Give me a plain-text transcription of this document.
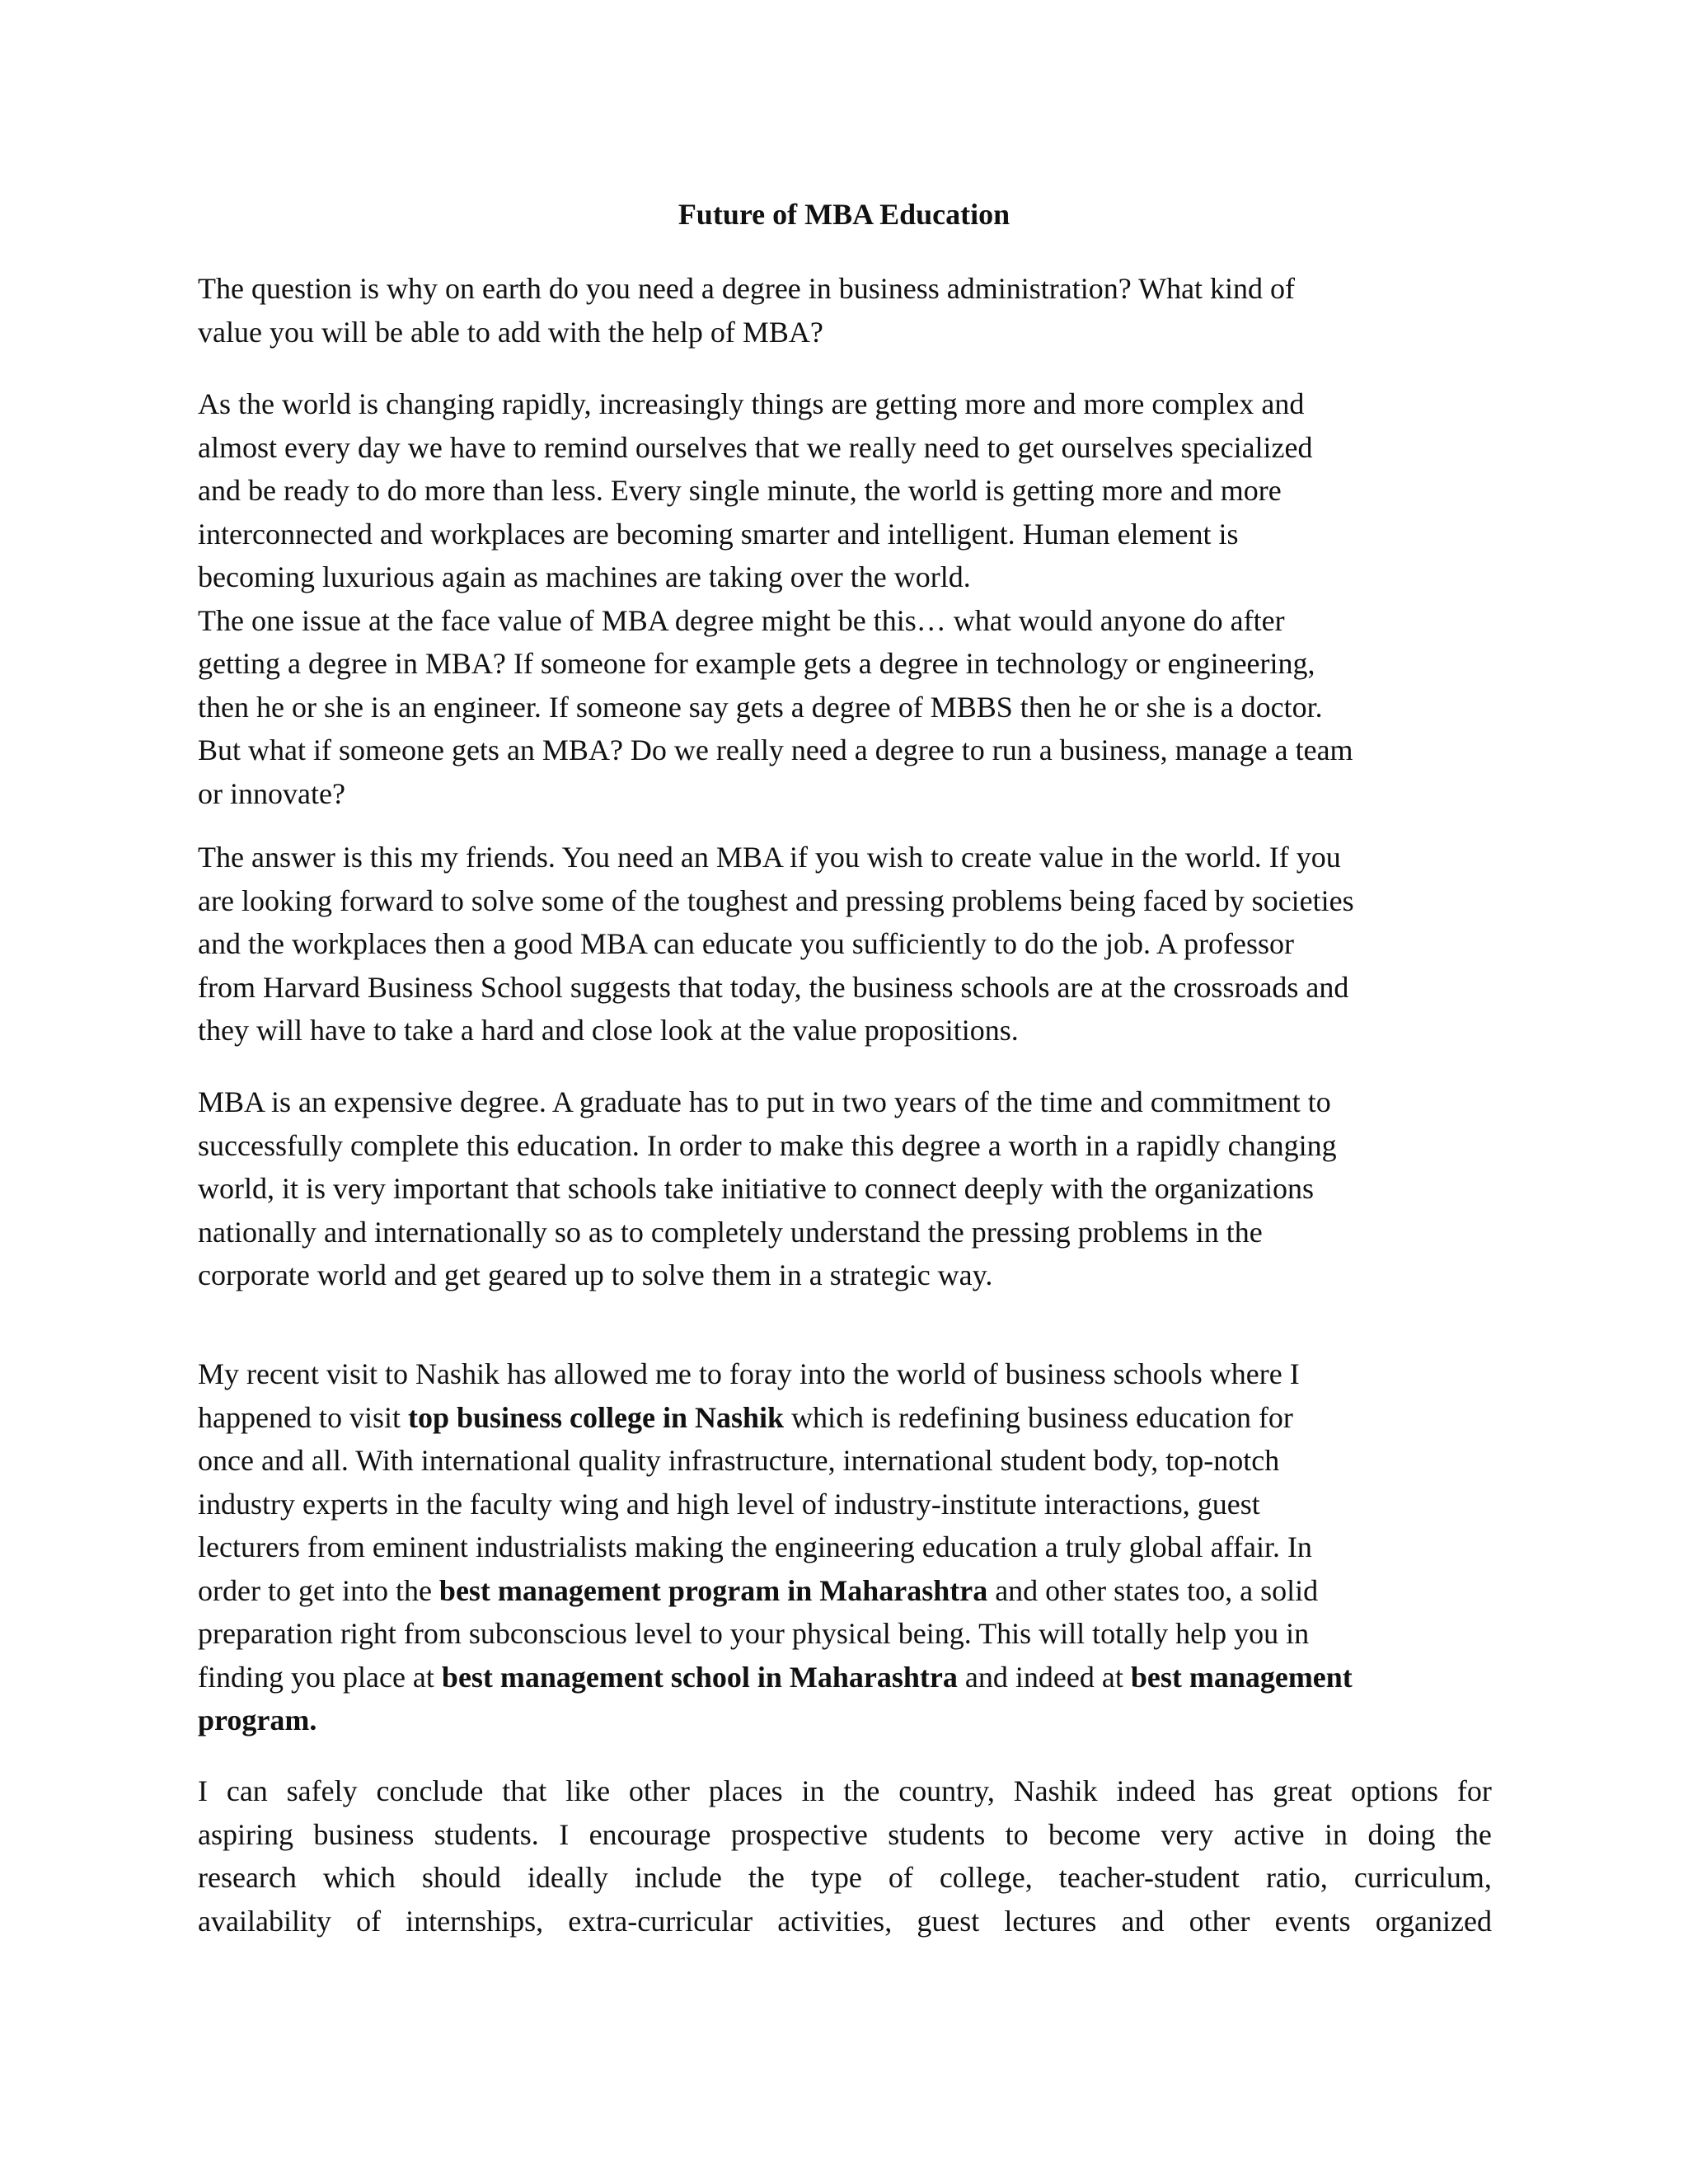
Future of MBA Education
The question is why on earth do you need a degree in business administration? What kind of
value you will be able to add with the help of MBA?
As the world is changing rapidly, increasingly things are getting more and more complex and
almost every day we have to remind ourselves that we really need to get ourselves specialized
and be ready to do more than less. Every single minute, the world is getting more and more
interconnected and workplaces are becoming smarter and intelligent. Human element is
becoming luxurious again as machines are taking over the world.
The one issue at the face value of MBA degree might be this… what would anyone do after
getting a degree in MBA? If someone for example gets a degree in technology or engineering,
then he or she is an engineer. If someone say gets a degree of MBBS then he or she is a doctor.
But what if someone gets an MBA? Do we really need a degree to run a business, manage a team
or innovate?
The answer is this my friends. You need an MBA if you wish to create value in the world. If you
are looking forward to solve some of the toughest and pressing problems being faced by societies
and the workplaces then a good MBA can educate you sufficiently to do the job. A professor
from Harvard Business School suggests that today, the business schools are at the crossroads and
they will have to take a hard and close look at the value propositions.
MBA is an expensive degree. A graduate has to put in two years of the time and commitment to
successfully complete this education. In order to make this degree a worth in a rapidly changing
world, it is very important that schools take initiative to connect deeply with the organizations
nationally and internationally so as to completely understand the pressing problems in the
corporate world and get geared up to solve them in a strategic way.
My recent visit to Nashik has allowed me to foray into the world of business schools where I
happened to visit top business college in Nashik which is redefining business education for
once and all. With international quality infrastructure, international student body, top-notch
industry experts in the faculty wing and high level of industry-institute interactions, guest
lecturers from eminent industrialists making the engineering education a truly global affair. In
order to get into the best management program in Maharashtra and other states too, a solid
preparation right from subconscious level to your physical being. This will totally help you in
finding you place at best management school in Maharashtra and indeed at best management
program.
I can safely conclude that like other places in the country, Nashik indeed has great options for
aspiring business students. I encourage prospective students to become very active in doing the
research which should ideally include the type of college, teacher-student ratio, curriculum,
availability of internships, extra-curricular activities, guest lectures and other events organized
